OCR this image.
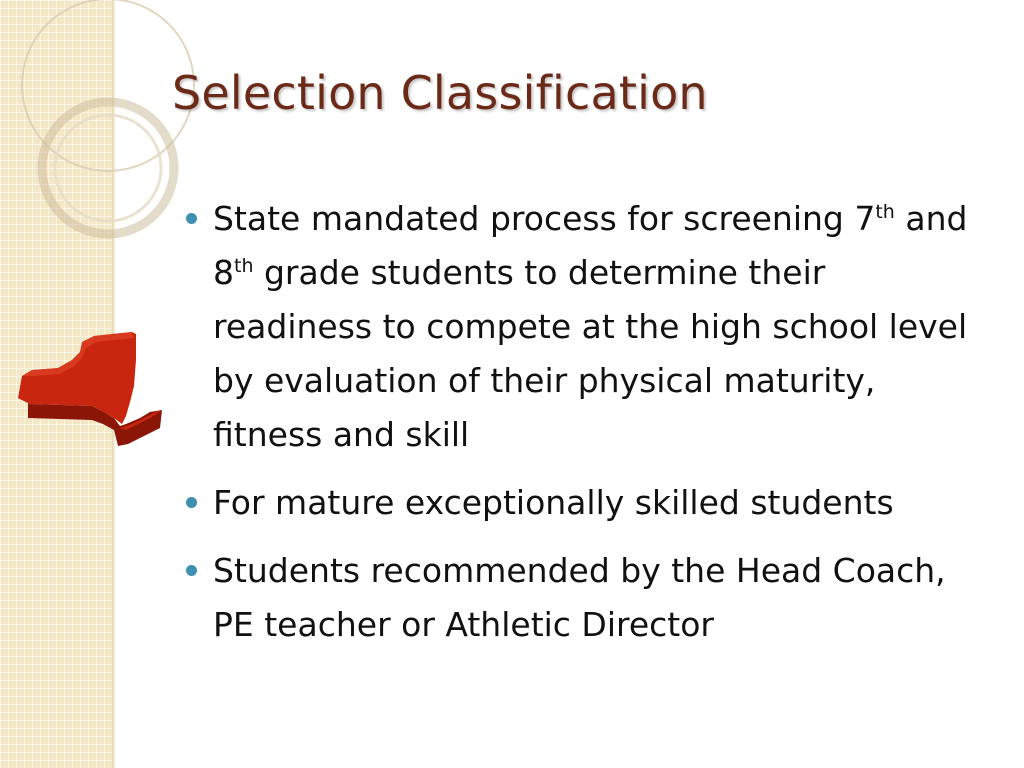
Selection Classification
State mandated process for screening 7th and 8th grade students to determine their readiness to compete at the high school level by evaluation of their physical maturity, fitness and skill
For mature exceptionally skilled students
Students recommended by the Head Coach, PE teacher or Athletic Director
